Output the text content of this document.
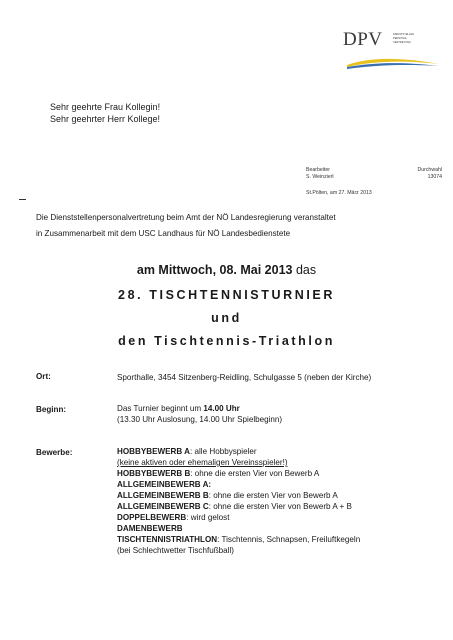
DPV	DIENSTSTELLEN
PERSONAL
VERTRETUNG
Sehr geehrte Frau Kollegin!
Sehr geehrter Herr Kollege!
Bearbeiter	Durchwahl
S. Weinzierl	13074
St.Pölten, am 27. März 2013
Die Dienststellenpersonalvertretung beim Amt der NÖ Landesregierung veranstaltet
in Zusammenarbeit mit dem USC Landhaus für NÖ Landesbedienstete
am Mittwoch, 08. Mai 2013 das
28. TISCHTENNISTURNIER
und
den Tischtennis-Triathlon
Ort:	Sporthalle, 3454 Sitzenberg-Reidling, Schulgasse 5 (neben der Kirche)
Beginn:	Das Turnier beginnt um 14.00 Uhr
(13.30 Uhr Auslosung, 14.00 Uhr Spielbeginn)
Bewerbe:	HOBBYBEWERB A: alle Hobbyspieler
(keine aktiven oder ehemaligen Vereinsspieler!)
HOBBYBEWERB B: ohne die ersten Vier von Bewerb A
ALLGEMEINBEWERB A:
ALLGEMEINBEWERB B: ohne die ersten Vier von Bewerb A
ALLGEMEINBEWERB C: ohne die ersten Vier von Bewerb A + B
DOPPELBEWERB: wird gelost
DAMENBEWERB
TISCHTENNISTRIATHLON: Tischtennis, Schnapsen, Freiluftkegeln
(bei Schlechtwetter Tischfußball)
